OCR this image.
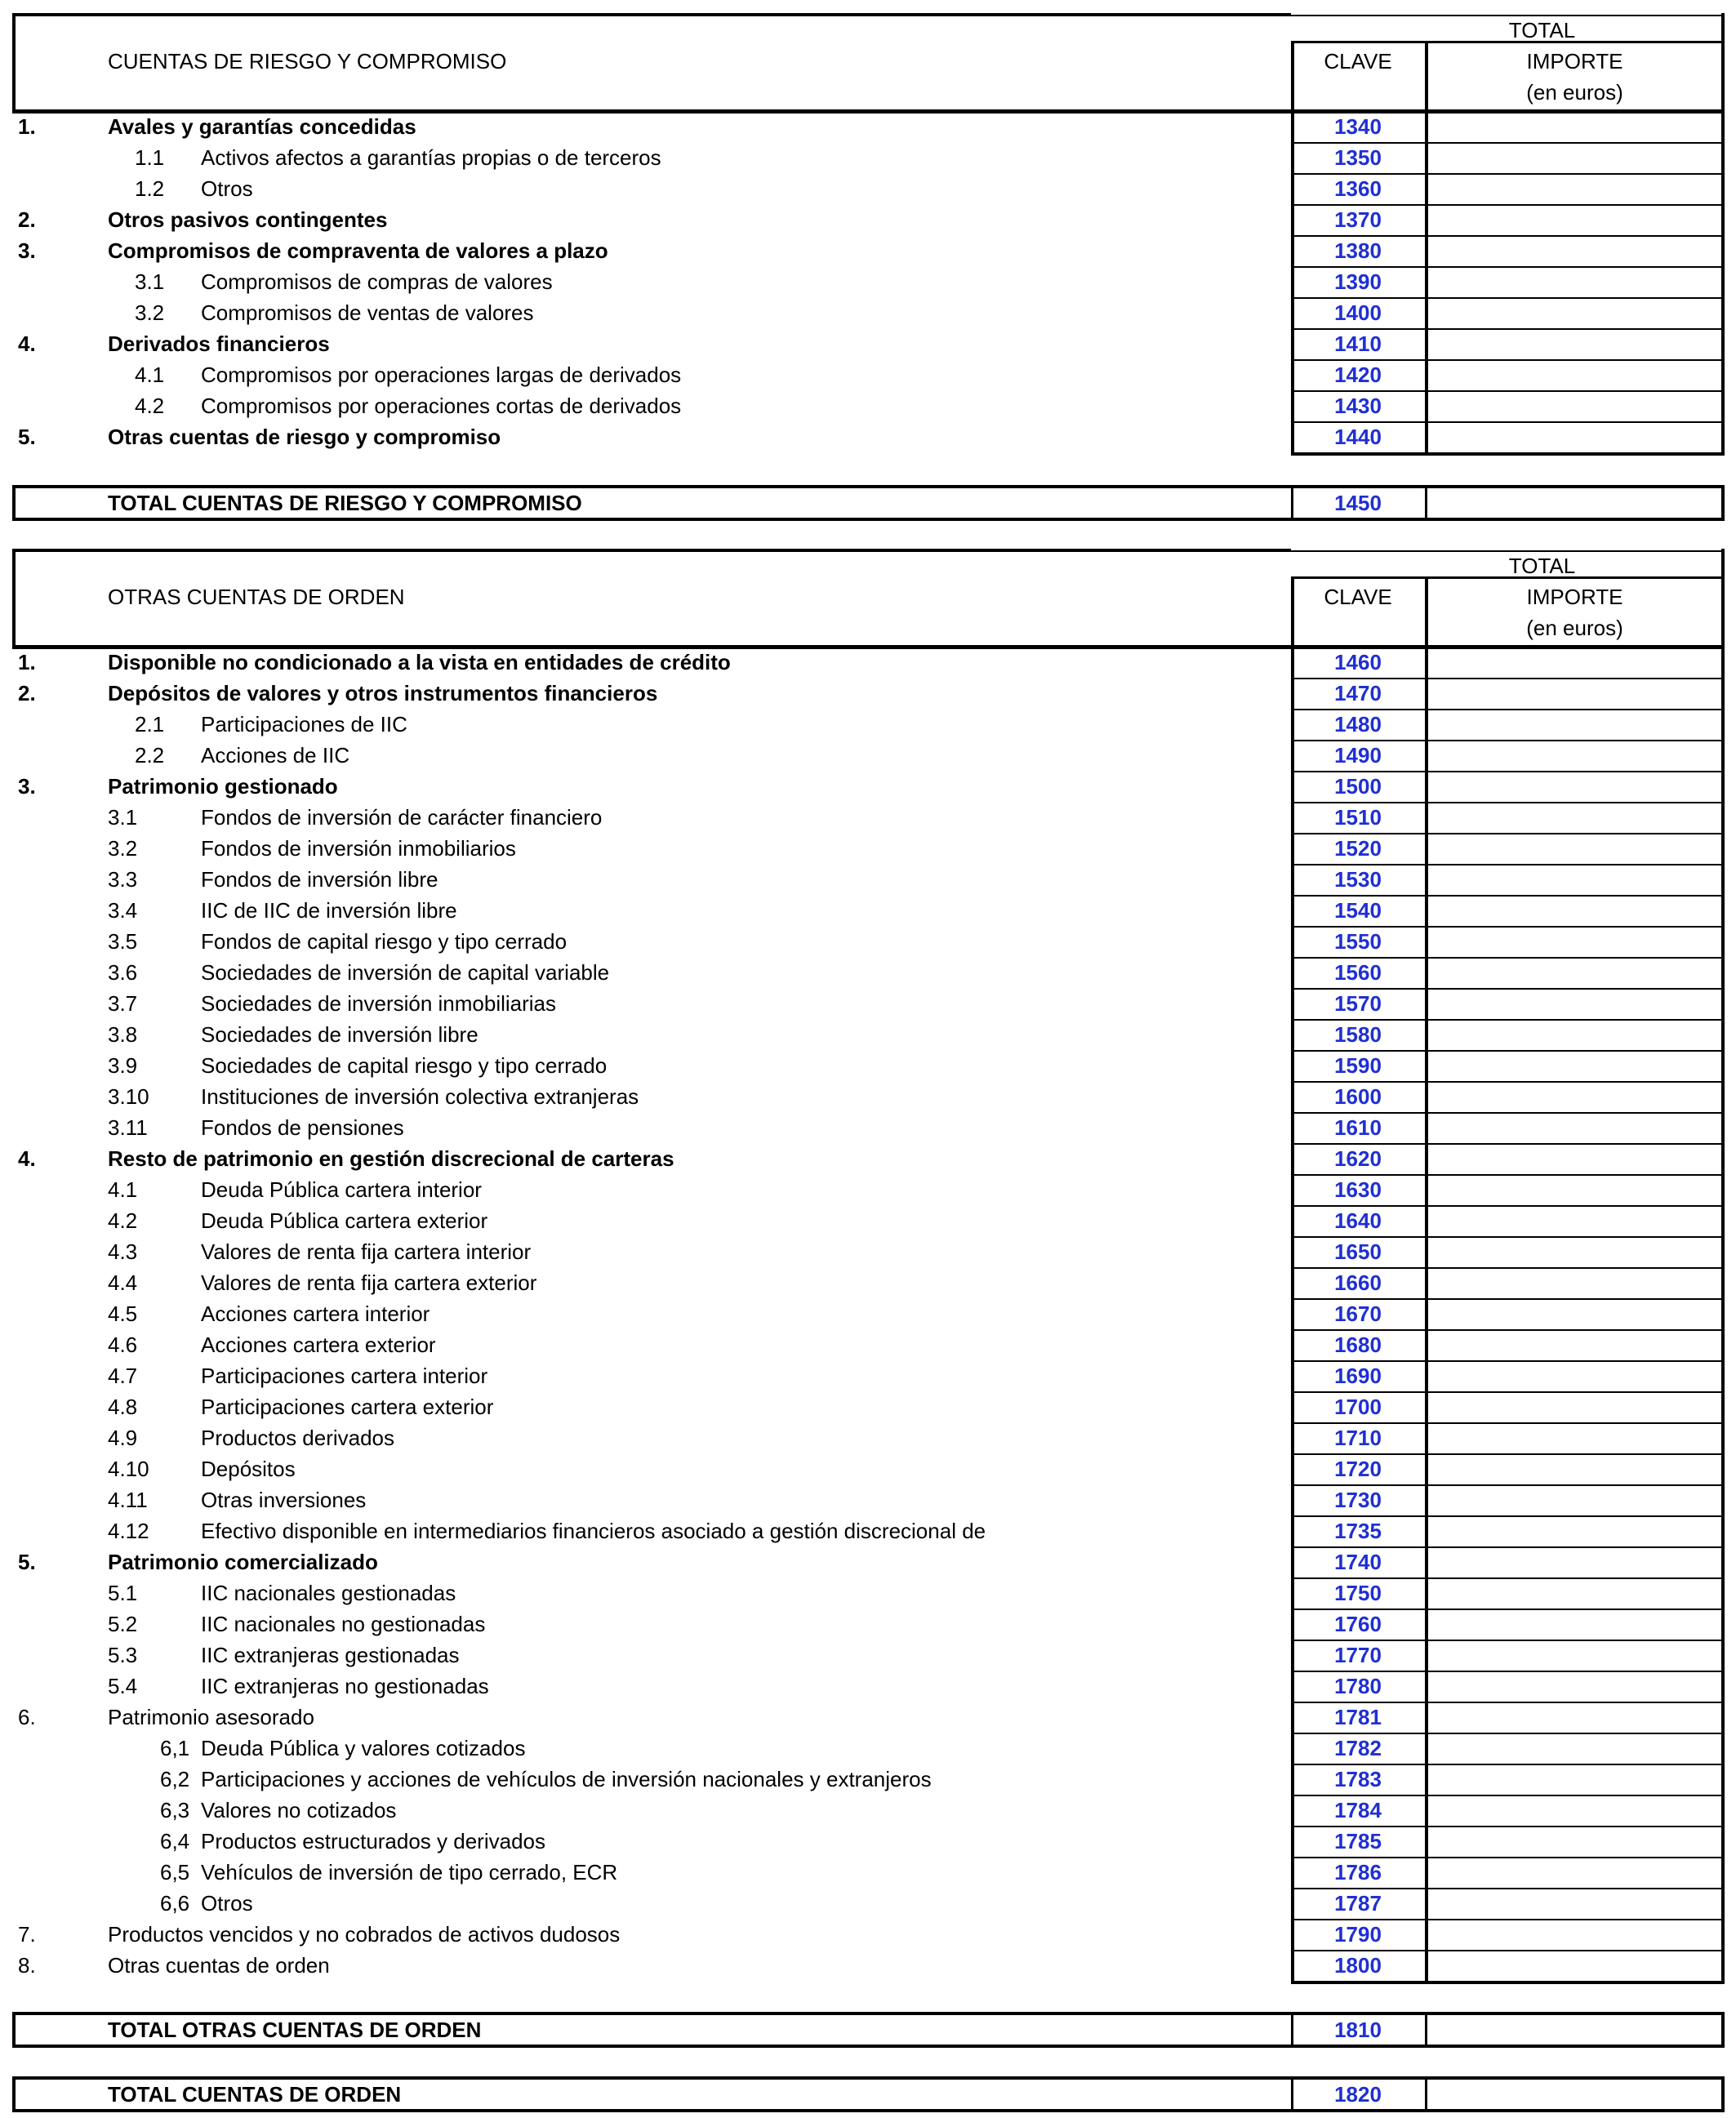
TOTAL
CLAVE	IMPORTE
(en euros)
CUENTAS DE RIESGO Y COMPROMISO
1.	Avales y garantías concedidas	1340
1.1 Activos afectos a garantías propias o de terceros	1350
1.2 Otros	1360
2.	Otros pasivos contingentes	1370
3.	Compromisos de compraventa de valores a plazo	1380
3.1 Compromisos de compras de valores	1390
3.2 Compromisos de ventas de valores	1400
4.	Derivados financieros	1410
4.1 Compromisos por operaciones largas de derivados	1420
4.2 Compromisos por operaciones cortas de derivados	1430
5.	Otras cuentas de riesgo y compromiso	1440
TOTAL CUENTAS DE RIESGO Y COMPROMISO	1450
TOTAL
CLAVE	IMPORTE
(en euros)
OTRAS CUENTAS DE ORDEN
1.	Disponible no condicionado a la vista en entidades de crédito	1460
2.	Depósitos de valores y otros instrumentos financieros	1470
2.1 Participaciones de IIC	1480
2.2 Acciones de IIC	1490
3.	Patrimonio gestionado	1500
3.1	Fondos de inversión de carácter financiero	1510
3.2	Fondos de inversión inmobiliarios	1520
3.3	Fondos de inversión libre	1530
3.4	IIC de IIC de inversión libre	1540
3.5	Fondos de capital riesgo y tipo cerrado	1550
3.6	Sociedades de inversión de capital variable	1560
3.7	Sociedades de inversión inmobiliarias	1570
3.8	Sociedades de inversión libre	1580
3.9	Sociedades de capital riesgo y tipo cerrado	1590
3.10 Instituciones de inversión colectiva extranjeras	1600
3.11	Fondos de pensiones	1610
4.	Resto de patrimonio en gestión discrecional de carteras	1620
4.1	Deuda Pública cartera interior	1630
4.2	Deuda Pública cartera exterior	1640
4.3	Valores de renta fija cartera interior	1650
4.4	Valores de renta fija cartera exterior	1660
4.5	Acciones cartera interior	1670
4.6	Acciones cartera exterior	1680
4.7	Participaciones cartera interior	1690
4.8	Participaciones cartera exterior	1700
4.9	Productos derivados	1710
4.10 Depósitos	1720
4.11	Otras inversiones	1730
4.12 Efectivo disponible en intermediarios financieros asociado a gestión discrecional de	1735
5.	Patrimonio comercializado	1740
5.1	IIC nacionales gestionadas	1750
5.2	IIC nacionales no gestionadas	1760
5.3	IIC extranjeras gestionadas	1770
5.4	IIC extranjeras no gestionadas	1780
6.	Patrimonio asesorado	1781
6,1 Deuda Pública y valores cotizados	1782
6,2 Participaciones y acciones de vehículos de inversión nacionales y extranjeros	1783
6,3 Valores no cotizados	1784
6,4 Productos estructurados y derivados	1785
6,5 Vehículos de inversión de tipo cerrado, ECR	1786
6,6 Otros	1787
7.	Productos vencidos y no cobrados de activos dudosos	1790
8.	Otras cuentas de orden	1800
TOTAL OTRAS CUENTAS DE ORDEN	1810
TOTAL CUENTAS DE ORDEN	1820
